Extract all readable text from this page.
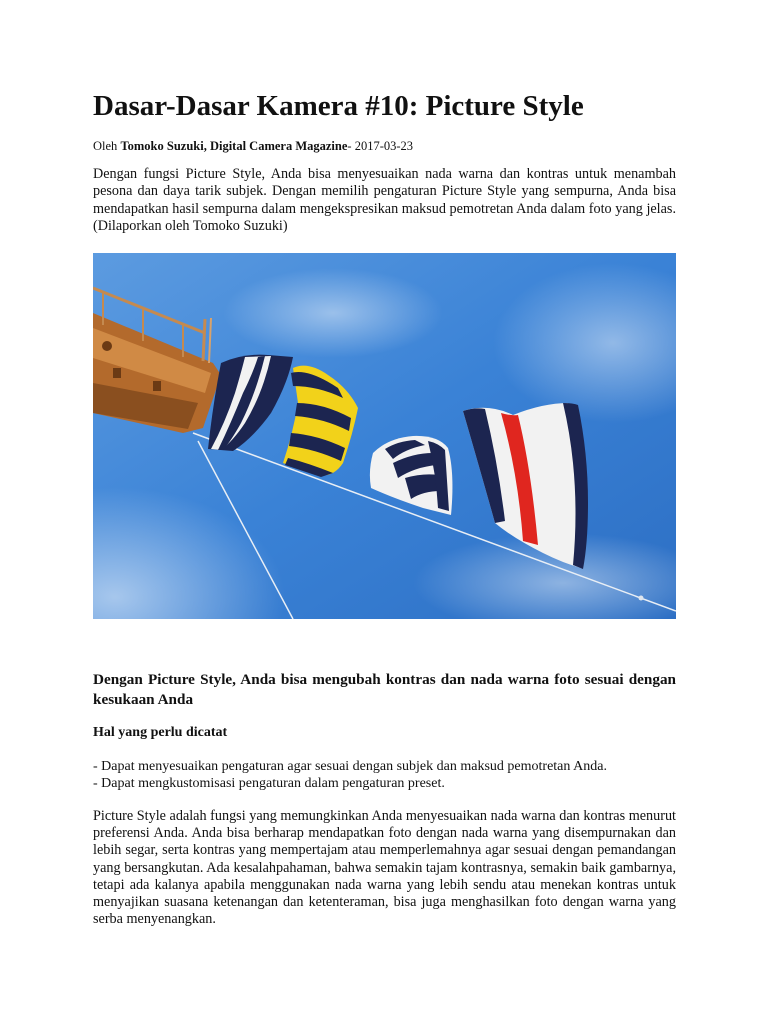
Dasar-Dasar Kamera #10: Picture Style
Oleh Tomoko Suzuki, Digital Camera Magazine- 2017-03-23

Dengan fungsi Picture Style, Anda bisa menyesuaikan nada warna dan kontras untuk menambah pesona dan daya tarik subjek. Dengan memilih pengaturan Picture Style yang sempurna, Anda bisa mendapatkan hasil sempurna dalam mengekspresikan maksud pemotretan Anda dalam foto yang jelas. (Dilaporkan oleh Tomoko Suzuki)

Dengan Picture Style, Anda bisa mengubah kontras dan nada warna foto sesuai dengan kesukaan Anda
Hal yang perlu dicatat
- Dapat menyesuaikan pengaturan agar sesuai dengan subjek dan maksud pemotretan Anda.
- Dapat mengkustomisasi pengaturan dalam pengaturan preset.

Picture Style adalah fungsi yang memungkinkan Anda menyesuaikan nada warna dan kontras menurut preferensi Anda. Anda bisa berharap mendapatkan foto dengan nada warna yang disempurnakan dan lebih segar, serta kontras yang mempertajam atau memperlemahnya agar sesuai dengan pemandangan yang bersangkutan. Ada kesalahpahaman, bahwa semakin tajam kontrasnya, semakin baik gambarnya, tetapi ada kalanya apabila menggunakan nada warna yang lebih sendu atau menekan kontras untuk menyajikan suasana ketenangan dan ketenteraman, bisa juga menghasilkan foto dengan warna yang serba menyenangkan.
